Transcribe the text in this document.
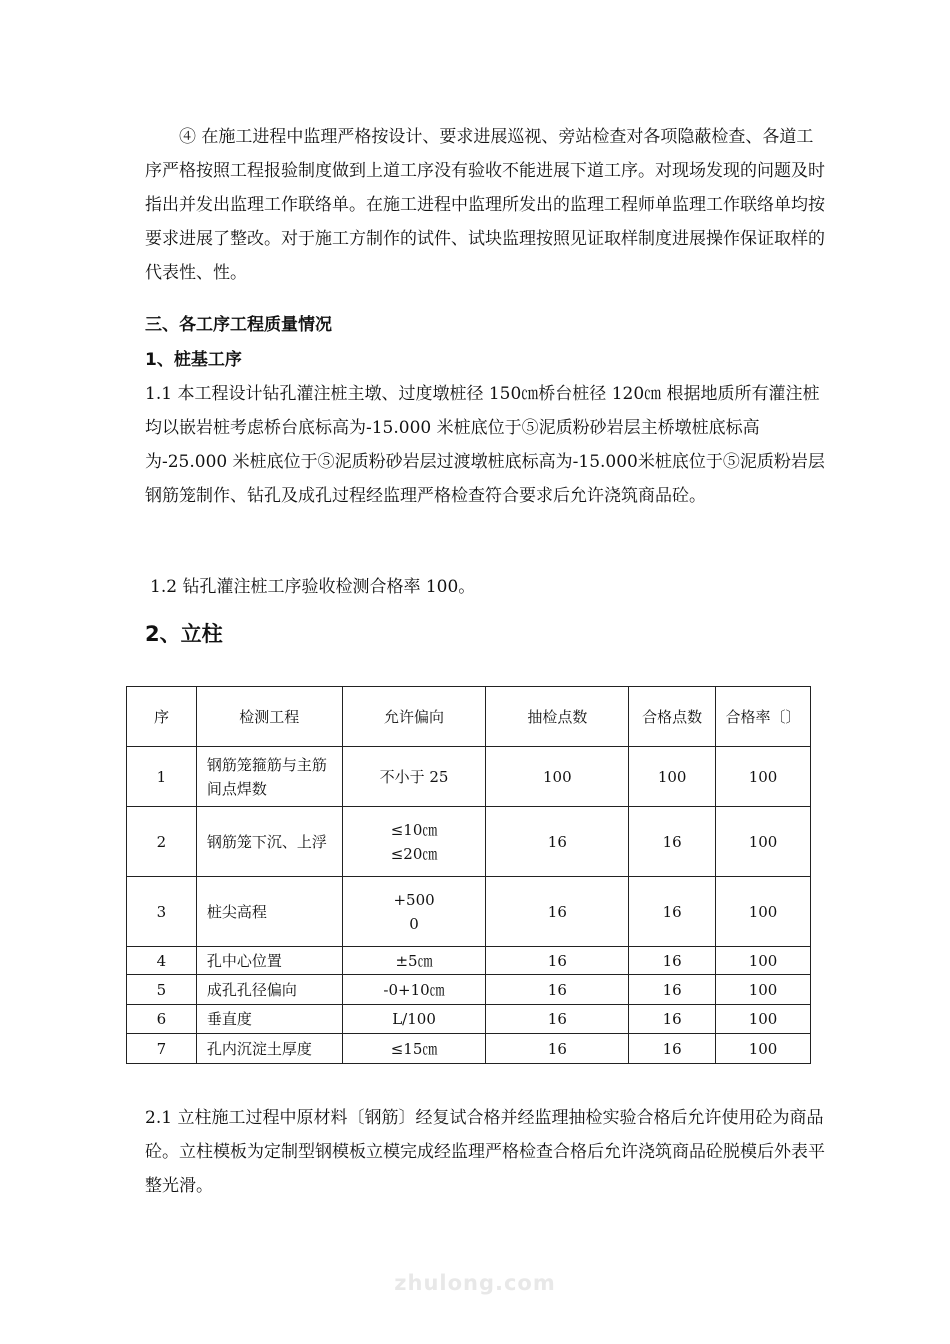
④ 在施工进程中监理严格按设计、要求进展巡视、旁站检查对各项隐蔽检查、各道工序严格按照工程报验制度做到上道工序没有验收不能进展下道工序。对现场发现的问题及时指出并发出监理工作联络单。在施工进程中监理所发出的监理工程师单监理工作联络单均按要求进展了整改。对于施工方制作的试件、试块监理按照见证取样制度进展操作保证取样的代表性、性。

三、各工序工程质量情况

1、桩基工序

1.1 本工程设计钻孔灌注桩主墩、过度墩桩径 150㎝桥台桩径 120㎝ 根据地质所有灌注桩均以嵌岩桩考虑桥台底标高为-15.000 米桩底位于⑤泥质粉砂岩层主桥墩桩底标高为-25.000 米桩底位于⑤泥质粉砂岩层过渡墩桩底标高为-15.000米桩底位于⑤泥质粉岩层钢筋笼制作、钻孔及成孔过程经监理严格检查符合要求后允许浇筑商品砼。

1.2 钻孔灌注桩工序验收检测合格率 100。

2、立柱

序	检测工程	允许偏向	抽检点数	合格点数	合格率〔〕
1	钢筋笼箍筋与主筋间点焊数	不小于 25	100	100	100
2	钢筋笼下沉、上浮	≤10㎝
≤20㎝	16	16	100
3	桩尖高程	+500
0	16	16	100
4	孔中心位置	±5㎝	16	16	100
5	成孔孔径偏向	-0+10㎝	16	16	100
6	垂直度	L/100	16	16	100
7	孔内沉淀土厚度	≤15㎝	16	16	100

2.1 立柱施工过程中原材料〔钢筋〕经复试合格并经监理抽检实验合格后允许使用砼为商品砼。立柱模板为定制型钢模板立模完成经监理严格检查合格后允许浇筑商品砼脱模后外表平整光滑。

zhulong.com
